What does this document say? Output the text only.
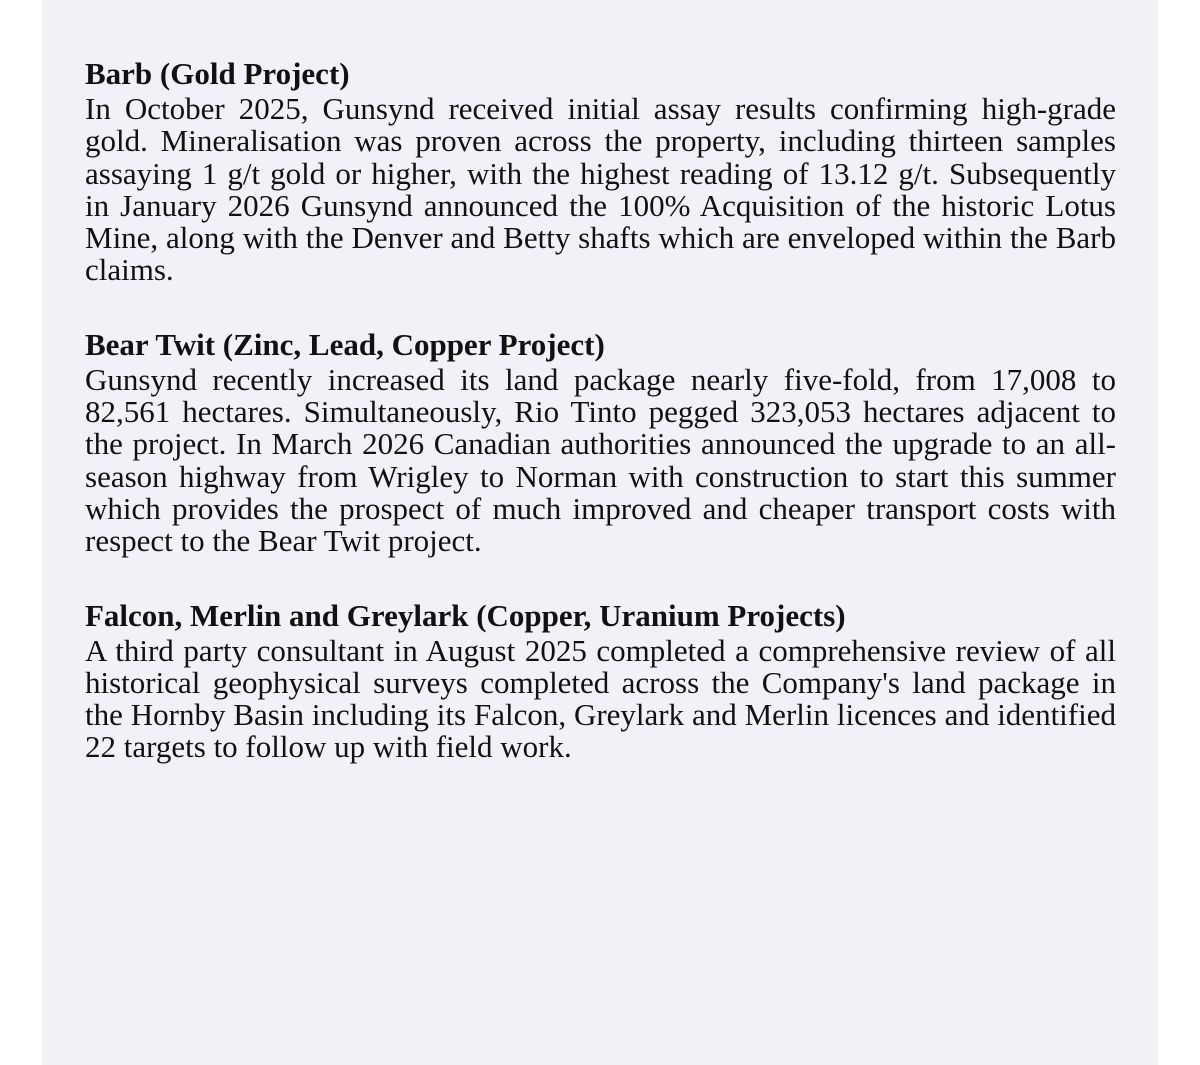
Barb (Gold Project)

In October 2025, Gunsynd received initial assay results confirming high-grade gold. Mineralisation was proven across the property, including thirteen samples assaying 1 g/t gold or higher, with the highest reading of 13.12 g/t. Subsequently in January 2026 Gunsynd announced the 100% Acquisition of the historic Lotus Mine, along with the Denver and Betty shafts which are enveloped within the Barb claims.

Bear Twit (Zinc, Lead, Copper Project)

Gunsynd recently increased its land package nearly five-fold, from 17,008 to 82,561 hectares. Simultaneously, Rio Tinto pegged 323,053 hectares adjacent to the project. In March 2026 Canadian authorities announced the upgrade to an all-season highway from Wrigley to Norman with construction to start this summer which provides the prospect of much improved and cheaper transport costs with respect to the Bear Twit project.

Falcon, Merlin and Greylark (Copper, Uranium Projects)

A third party consultant in August 2025 completed a comprehensive review of all historical geophysical surveys completed across the Company's land package in the Hornby Basin including its Falcon, Greylark and Merlin licences and identified 22 targets to follow up with field work.
